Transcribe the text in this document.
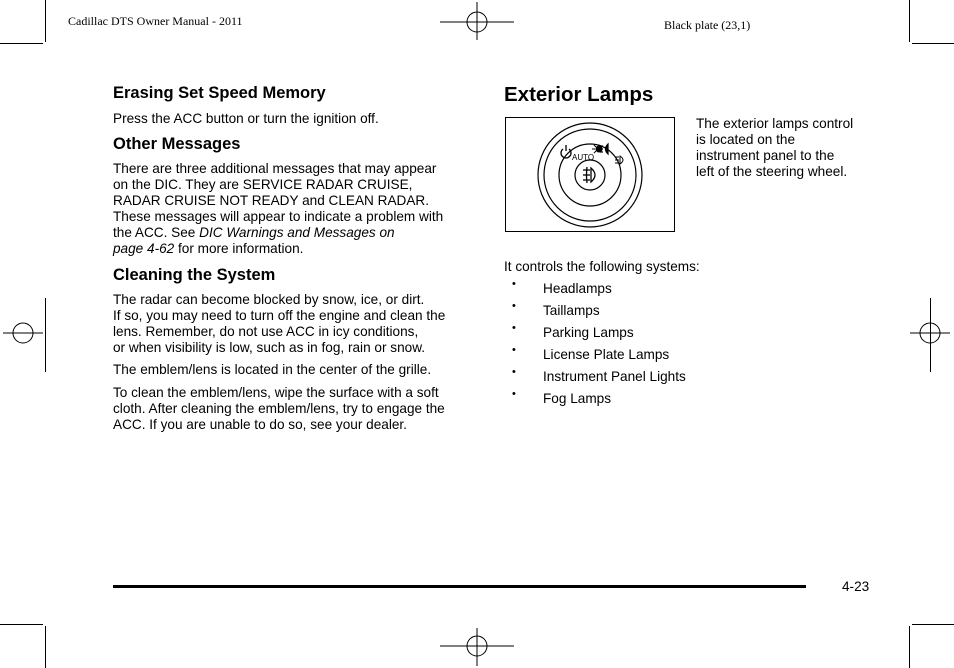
Cadillac DTS Owner Manual - 2011	Black plate (23,1)
Erasing Set Speed Memory
Press the ACC button or turn the ignition off.
Other Messages
There are three additional messages that may appear
on the DIC. They are SERVICE RADAR CRUISE,
RADAR CRUISE NOT READY and CLEAN RADAR.
These messages will appear to indicate a problem with
the ACC. See DIC Warnings and Messages on
page 4-62 for more information.
Cleaning the System
The radar can become blocked by snow, ice, or dirt.
If so, you may need to turn off the engine and clean the
lens. Remember, do not use ACC in icy conditions,
or when visibility is low, such as in fog, rain or snow.
The emblem/lens is located in the center of the grille.
To clean the emblem/lens, wipe the surface with a soft
cloth. After cleaning the emblem/lens, try to engage the
ACC. If you are unable to do so, see your dealer.
Exterior Lamps
AUTO
The exterior lamps control
is located on the
instrument panel to the
left of the steering wheel.
It controls the following systems:
• Headlamps
• Taillamps
• Parking Lamps
• License Plate Lamps
• Instrument Panel Lights
• Fog Lamps
4-23
